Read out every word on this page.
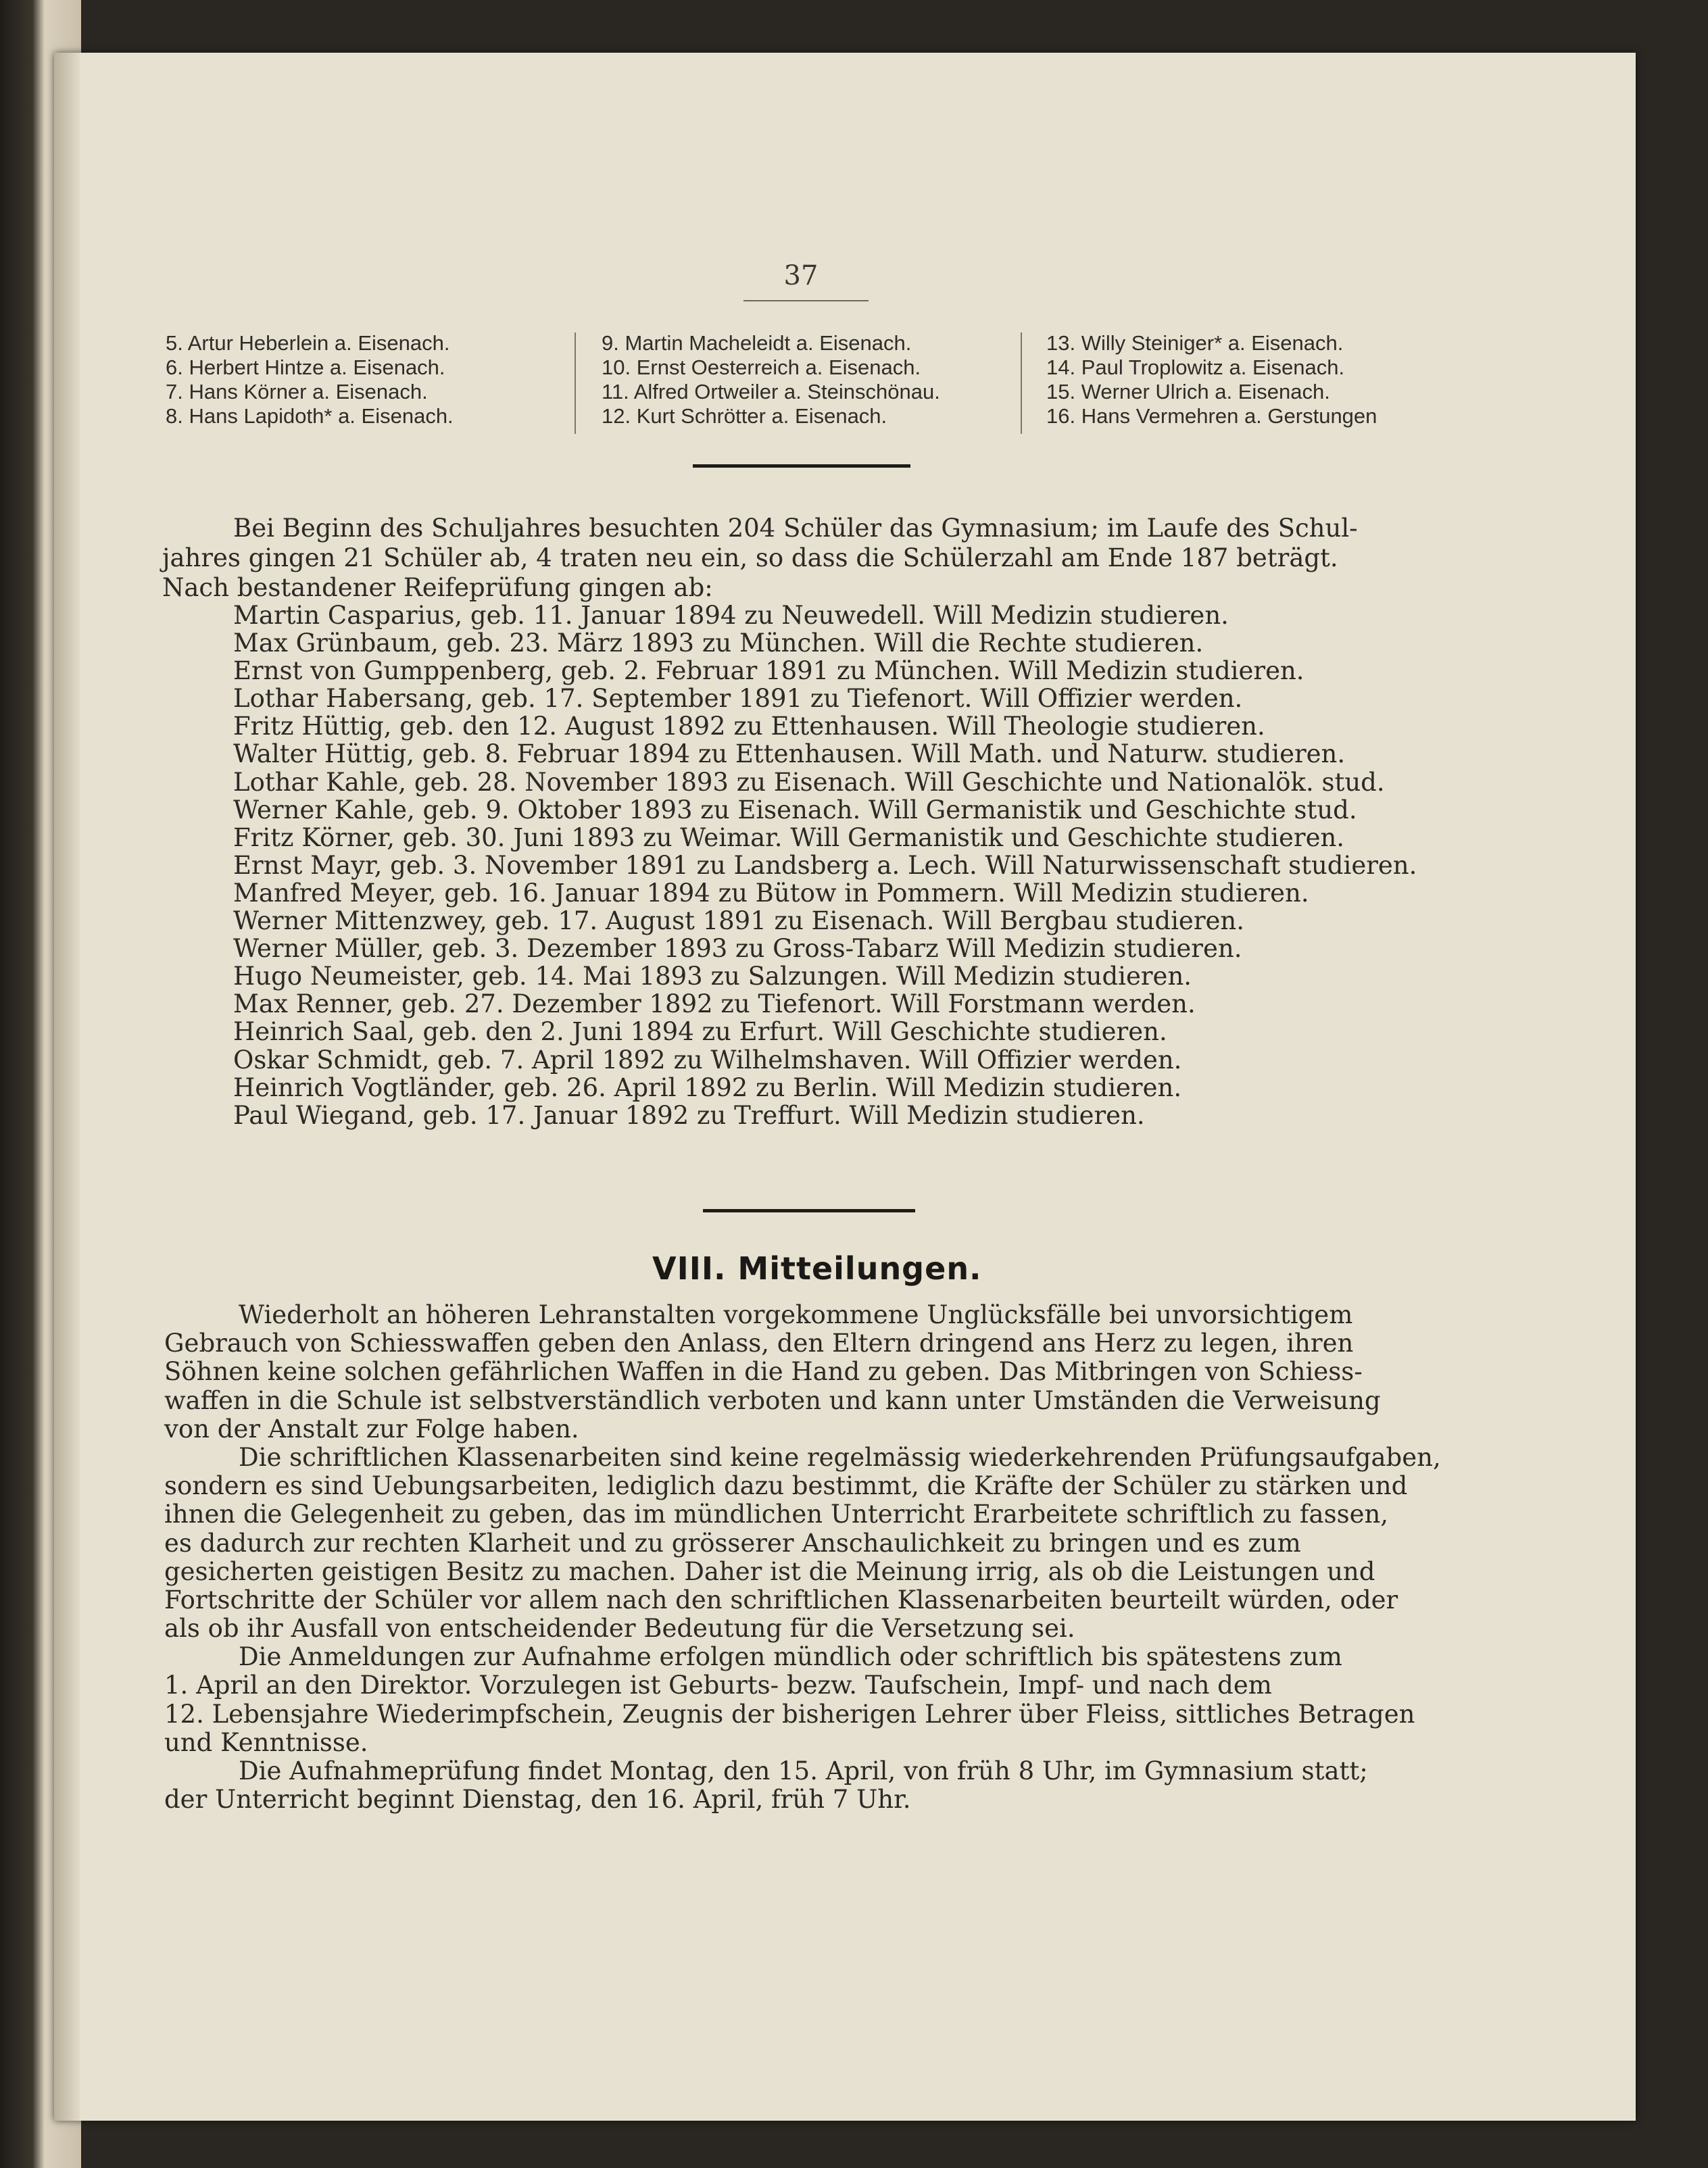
37
5. Artur Heberlein a. Eisenach.
6. Herbert Hintze a. Eisenach.
7. Hans Körner a. Eisenach.
8. Hans Lapidoth* a. Eisenach.
9. Martin Macheleidt a. Eisenach.
10. Ernst Oesterreich a. Eisenach.
11. Alfred Ortweiler a. Steinschönau.
12. Kurt Schrötter a. Eisenach.
13. Willy Steiniger* a. Eisenach.
14. Paul Troplowitz a. Eisenach.
15. Werner Ulrich a. Eisenach.
16. Hans Vermehren a. Gerstungen
Bei Beginn des Schuljahres besuchten 204 Schüler das Gymnasium; im Laufe des Schul-
jahres gingen 21 Schüler ab, 4 traten neu ein, so dass die Schülerzahl am Ende 187 beträgt.
Nach bestandener Reifeprüfung gingen ab:
Martin Casparius, geb. 11. Januar 1894 zu Neuwedell. Will Medizin studieren.
Max Grünbaum, geb. 23. März 1893 zu München. Will die Rechte studieren.
Ernst von Gumppenberg, geb. 2. Februar 1891 zu München. Will Medizin studieren.
Lothar Habersang, geb. 17. September 1891 zu Tiefenort. Will Offizier werden.
Fritz Hüttig, geb. den 12. August 1892 zu Ettenhausen. Will Theologie studieren.
Walter Hüttig, geb. 8. Februar 1894 zu Ettenhausen. Will Math. und Naturw. studieren.
Lothar Kahle, geb. 28. November 1893 zu Eisenach. Will Geschichte und Nationalök. stud.
Werner Kahle, geb. 9. Oktober 1893 zu Eisenach. Will Germanistik und Geschichte stud.
Fritz Körner, geb. 30. Juni 1893 zu Weimar. Will Germanistik und Geschichte studieren.
Ernst Mayr, geb. 3. November 1891 zu Landsberg a. Lech. Will Naturwissenschaft studieren.
Manfred Meyer, geb. 16. Januar 1894 zu Bütow in Pommern. Will Medizin studieren.
Werner Mittenzwey, geb. 17. August 1891 zu Eisenach. Will Bergbau studieren.
Werner Müller, geb. 3. Dezember 1893 zu Gross-Tabarz Will Medizin studieren.
Hugo Neumeister, geb. 14. Mai 1893 zu Salzungen. Will Medizin studieren.
Max Renner, geb. 27. Dezember 1892 zu Tiefenort. Will Forstmann werden.
Heinrich Saal, geb. den 2. Juni 1894 zu Erfurt. Will Geschichte studieren.
Oskar Schmidt, geb. 7. April 1892 zu Wilhelmshaven. Will Offizier werden.
Heinrich Vogtländer, geb. 26. April 1892 zu Berlin. Will Medizin studieren.
Paul Wiegand, geb. 17. Januar 1892 zu Treffurt. Will Medizin studieren.
VIII. Mitteilungen.
Wiederholt an höheren Lehranstalten vorgekommene Unglücksfälle bei unvorsichtigem
Gebrauch von Schiesswaffen geben den Anlass, den Eltern dringend ans Herz zu legen, ihren
Söhnen keine solchen gefährlichen Waffen in die Hand zu geben. Das Mitbringen von Schiess-
waffen in die Schule ist selbstverständlich verboten und kann unter Umständen die Verweisung
von der Anstalt zur Folge haben.
Die schriftlichen Klassenarbeiten sind keine regelmässig wiederkehrenden Prüfungsaufgaben,
sondern es sind Uebungsarbeiten, lediglich dazu bestimmt, die Kräfte der Schüler zu stärken und
ihnen die Gelegenheit zu geben, das im mündlichen Unterricht Erarbeitete schriftlich zu fassen,
es dadurch zur rechten Klarheit und zu grösserer Anschaulichkeit zu bringen und es zum
gesicherten geistigen Besitz zu machen. Daher ist die Meinung irrig, als ob die Leistungen und
Fortschritte der Schüler vor allem nach den schriftlichen Klassenarbeiten beurteilt würden, oder
als ob ihr Ausfall von entscheidender Bedeutung für die Versetzung sei.
Die Anmeldungen zur Aufnahme erfolgen mündlich oder schriftlich bis spätestens zum
1. April an den Direktor. Vorzulegen ist Geburts- bezw. Taufschein, Impf- und nach dem
12. Lebensjahre Wiederimpfschein, Zeugnis der bisherigen Lehrer über Fleiss, sittliches Betragen
und Kenntnisse.
Die Aufnahmeprüfung findet Montag, den 15. April, von früh 8 Uhr, im Gymnasium statt;
der Unterricht beginnt Dienstag, den 16. April, früh 7 Uhr.
